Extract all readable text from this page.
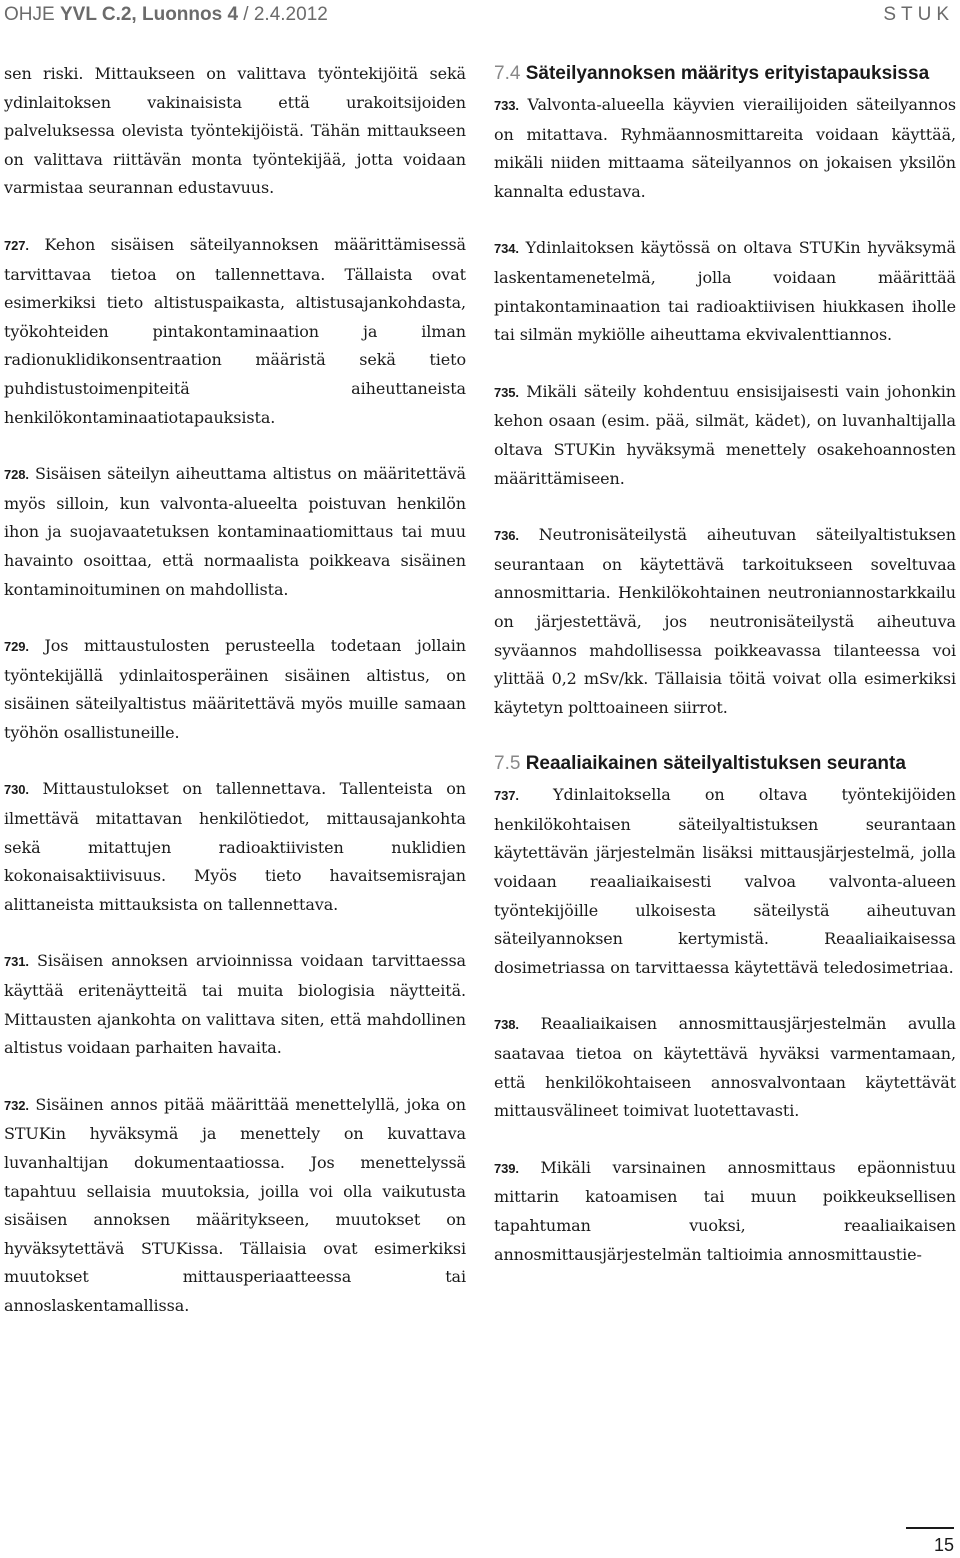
OHJE YVL C.2, Luonnos 4 / 2.4.2012	STUK

sen riski. Mittaukseen on valittava työntekijöitä sekä ydinlaitoksen vakinaisista että urakoitsijoiden palveluksessa olevista työntekijöistä. Tähän mittaukseen on valittava riittävän monta työntekijää, jotta voidaan varmistaa seurannan edustavuus.

727. Kehon sisäisen säteilyannoksen määrittämisessä tarvittavaa tietoa on tallennettava. Tällaista ovat esimerkiksi tieto altistuspaikasta, altistusajankohdasta, työkohteiden pintakontaminaation ja ilman radionuklidikonsentraation määristä sekä tieto puhdistustoimenpiteitä aiheuttaneista henkilökontaminaatiotapauksista.

728. Sisäisen säteilyn aiheuttama altistus on määritettävä myös silloin, kun valvonta-alueelta poistuvan henkilön ihon ja suojavaatetuksen kontaminaatiomittaus tai muu havainto osoittaa, että normaalista poikkeava sisäinen kontaminoituminen on mahdollista.

729. Jos mittaustulosten perusteella todetaan jollain työntekijällä ydinlaitosperäinen sisäinen altistus, on sisäinen säteilyaltistus määritettävä myös muille samaan työhön osallistuneille.

730. Mittaustulokset on tallennettava. Tallenteista on ilmettävä mitattavan henkilötiedot, mittausajankohta sekä mitattujen radioaktiivisten nuklidien kokonaisaktiivisuus. Myös tieto havaitsemisrajan alittaneista mittauksista on tallennettava.

731. Sisäisen annoksen arvioinnissa voidaan tarvittaessa käyttää eritenäytteitä tai muita biologisia näytteitä. Mittausten ajankohta on valittava siten, että mahdollinen altistus voidaan parhaiten havaita.

732. Sisäinen annos pitää määrittää menettelyllä, joka on STUKin hyväksymä ja menettely on kuvattava luvanhaltijan dokumentaatiossa. Jos menettelyssä tapahtuu sellaisia muutoksia, joilla voi olla vaikutusta sisäisen annoksen määritykseen, muutokset on hyväksytettävä STUKissa. Tällaisia ovat esimerkiksi muutokset mittausperiaatteessa tai annoslaskentamallissa.

7.4 Säteilyannoksen määritys erityistapauksissa

733. Valvonta-alueella käyvien vierailijoiden säteilyannos on mitattava. Ryhmäannosmittareita voidaan käyttää, mikäli niiden mittaama säteilyannos on jokaisen yksilön kannalta edustava.

734. Ydinlaitoksen käytössä on oltava STUKin hyväksymä laskentamenetelmä, jolla voidaan määrittää pintakontaminaation tai radioaktiivisen hiukkasen iholle tai silmän mykiölle aiheuttama ekvivalenttiannos.

735. Mikäli säteily kohdentuu ensisijaisesti vain johonkin kehon osaan (esim. pää, silmät, kädet), on luvanhaltijalla oltava STUKin hyväksymä menettely osakehoannosten määrittämiseen.

736. Neutronisäteilystä aiheutuvan säteilyaltistuksen seurantaan on käytettävä tarkoitukseen soveltuvaa annosmittaria. Henkilökohtainen neutroniannostarkkailu on järjestettävä, jos neutronisäteilystä aiheutuva syväannos mahdollisessa poikkeavassa tilanteessa voi ylittää 0,2 mSv/kk. Tällaisia töitä voivat olla esimerkiksi käytetyn polttoaineen siirrot.

7.5 Reaaliaikainen säteilyaltistuksen seuranta

737. Ydinlaitoksella on oltava työntekijöiden henkilökohtaisen säteilyaltistuksen seurantaan käytettävän järjestelmän lisäksi mittausjärjestelmä, jolla voidaan reaaliaikaisesti valvoa valvonta-alueen työntekijöille ulkoisesta säteilystä aiheutuvan säteilyannoksen kertymistä. Reaaliaikaisessa dosimetriassa on tarvittaessa käytettävä teledosimetriaa.

738. Reaaliaikaisen annosmittausjärjestelmän avulla saatavaa tietoa on käytettävä hyväksi varmentamaan, että henkilökohtaiseen annosvalvontaan käytettävät mittausvälineet toimivat luotettavasti.

739. Mikäli varsinainen annosmittaus epäonnistuu mittarin katoamisen tai muun poikkeuksellisen tapahtuman vuoksi, reaaliaikaisen annosmittausjärjestelmän taltioimia annosmittaustie-

15
